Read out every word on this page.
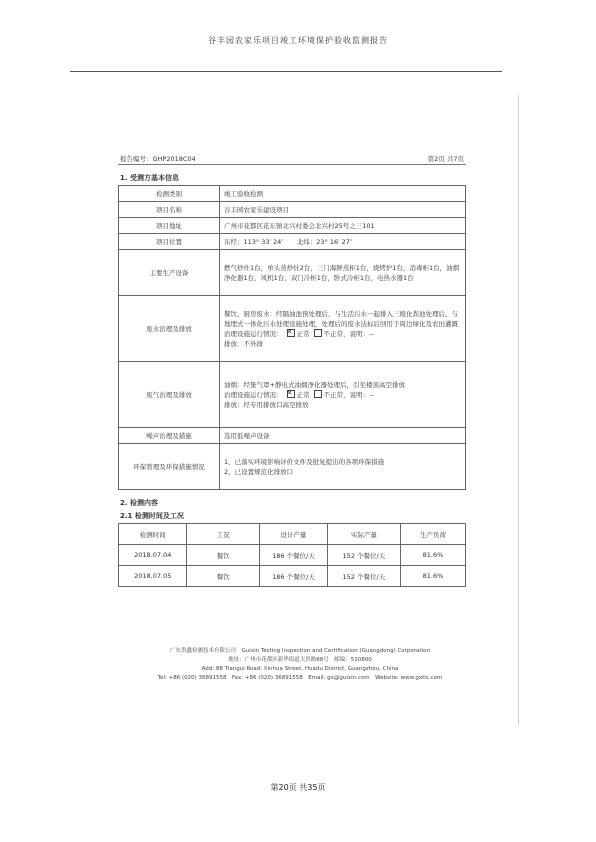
谷丰园农家乐项目竣工环境保护验收监测报告
报告编号：GHP2018C04	第2页 共7页
1. 受测方基本信息
检测类别	竣工验收检测
项目名称	谷丰园农家乐建设项目
项目地址	广州市花都区花东镇北兴村委会北兴村25号之三101
项目位置	东经：113° 33′ 24″　　北纬：23° 16′ 27″
主要生产设备	燃气炒灶1台，单头蒸炒灶2台，三门海鲜蒸柜1台，烧烤炉1台，消毒柜1台，油烟净化器1台，风机1台，双门冷柜1台，卧式冷柜1台，电热水器1台
废水治理及排放	餐饮、厨房废水：经隔油池预处理后，与生活污水一起排入三级化粪池处理后，与地埋式一体化污水处理设施处理，处理后的废水达标后回用于周边绿化及农田灌溉
治理设施运行情况： ✕ 正常 不正常，说明：--
排放：不外排

废气治理及排放	油烟：经集气罩+静电式油烟净化器处理后，引至楼顶高空排放
治理设施运行情况： ✕ 正常 不正常，说明：--
排放：经专用排放口高空排放

噪声治理及措施	选用低噪声设备
环保管理及环保措施情况	1、已落实环境影响评价文件及批复提出的各项环保措施
2、已设置规范化排放口
2. 检测内容
2.1 检测时间及工况
检测时间	工况	设计产量	实际产量	生产负荷
2018.07.04	餐饮	186 个餐位/天	152 个餐位/天	81.6%
2018.07.05	餐饮	186 个餐位/天	152 个餐位/天	81.6%
广东贵鑫检测技术有限公司　Guixin Testing Inspection and Certification (Guangdong) Corporation
地址：广州市花都区新华街道天贵路88号　邮编：510800
Add: 88 Tiangui Road, Xinhua Street, Huadu District, Guangzhou, China
Tel: +86 (020) 36891558　Fax: +86 (020) 36891558　Email: gx@guixin.com　Website: www.gxtic.com
第20页 共35页
